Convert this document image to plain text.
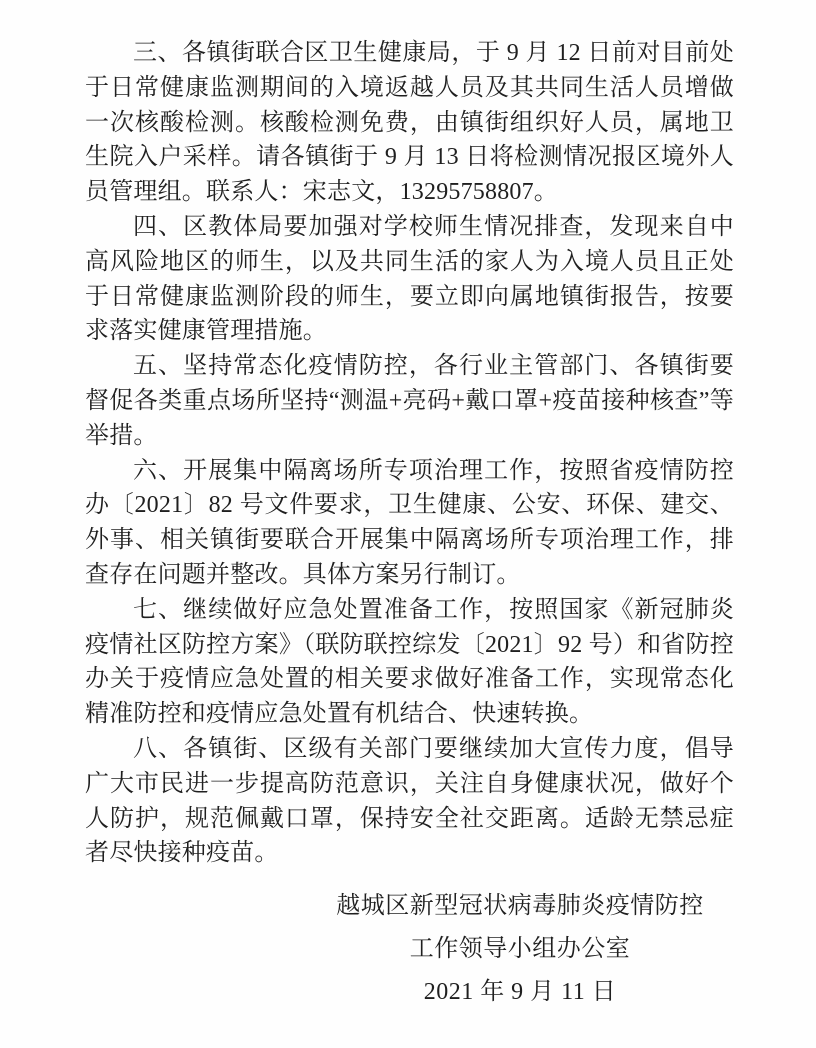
三、各镇街联合区卫生健康局，于 9 月 12 日前对目前处于日常健康监测期间的入境返越人员及其共同生活人员增做一次核酸检测。核酸检测免费，由镇街组织好人员，属地卫生院入户采样。请各镇街于 9 月 13 日将检测情况报区境外人员管理组。联系人：宋志文，13295758807。

四、区教体局要加强对学校师生情况排查，发现来自中高风险地区的师生，以及共同生活的家人为入境人员且正处于日常健康监测阶段的师生，要立即向属地镇街报告，按要求落实健康管理措施。

五、坚持常态化疫情防控，各行业主管部门、各镇街要督促各类重点场所坚持“测温+亮码+戴口罩+疫苗接种核查”等举措。

六、开展集中隔离场所专项治理工作，按照省疫情防控办〔2021〕82 号文件要求，卫生健康、公安、环保、建交、外事、相关镇街要联合开展集中隔离场所专项治理工作，排查存在问题并整改。具体方案另行制订。

七、继续做好应急处置准备工作，按照国家《新冠肺炎疫情社区防控方案》（联防联控综发〔2021〕92 号）和省防控办关于疫情应急处置的相关要求做好准备工作，实现常态化精准防控和疫情应急处置有机结合、快速转换。

八、各镇街、区级有关部门要继续加大宣传力度，倡导广大市民进一步提高防范意识，关注自身健康状况，做好个人防护，规范佩戴口罩，保持安全社交距离。适龄无禁忌症者尽快接种疫苗。

越城区新型冠状病毒肺炎疫情防控
工作领导小组办公室
2021 年 9 月 11 日
